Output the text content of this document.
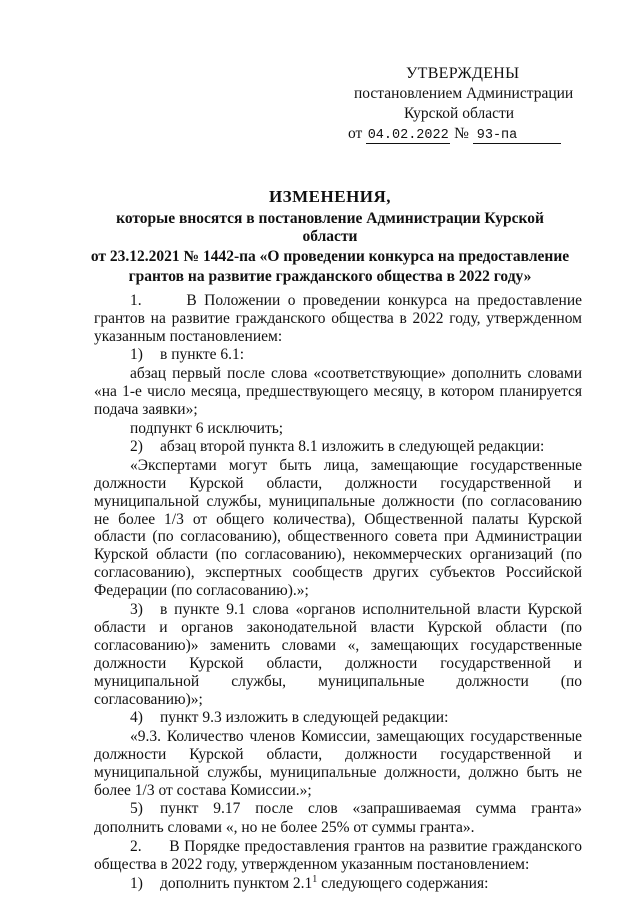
УТВЕРЖДЕНЫ
постановлением Администрации
Курской области
от 04.02.2022 № 93-па
ИЗМЕНЕНИЯ,
которые вносятся в постановление Администрации Курской области
от 23.12.2021 № 1442-па «О проведении конкурса на предоставление
грантов на развитие гражданского общества в 2022 году»
1.	В Положении о проведении конкурса на предоставление грантов на развитие гражданского общества в 2022 году, утвержденном указанным постановлением:
1)	в пункте 6.1:
абзац первый после слова «соответствующие» дополнить словами «на 1-е число месяца, предшествующего месяцу, в котором планируется подача заявки»;
подпункт 6 исключить;
2)	абзац второй пункта 8.1 изложить в следующей редакции:
«Экспертами могут быть лица, замещающие государственные должности Курской области, должности государственной и муниципальной службы, муниципальные должности (по согласованию не более 1/3 от общего количества), Общественной палаты Курской области (по согласованию), общественного совета при Администрации Курской области (по согласованию), некоммерческих организаций (по согласованию), экспертных сообществ других субъектов Российской Федерации (по согласованию).»;
3)	в пункте 9.1 слова «органов исполнительной власти Курской
области и органов законодательной власти Курской области (по согласованию)» заменить словами «, замещающих государственные должности Курской области, должности государственной и муниципальной службы, муниципальные должности (по согласованию)»;
4)	пункт 9.3 изложить в следующей редакции:
«9.3. Количество членов Комиссии, замещающих государственные должности Курской области, должности государственной и муниципальной службы, муниципальные должности, должно быть не более 1/3 от состава Комиссии.»;
5)	пункт 9.17 после слов «запрашиваемая сумма гранта»
дополнить словами «, но не более 25% от суммы гранта».
2. В Порядке предоставления грантов на развитие гражданского общества в 2022 году, утвержденном указанным постановлением:
1)	дополнить пунктом $2.1^1$ следующего содержания:
